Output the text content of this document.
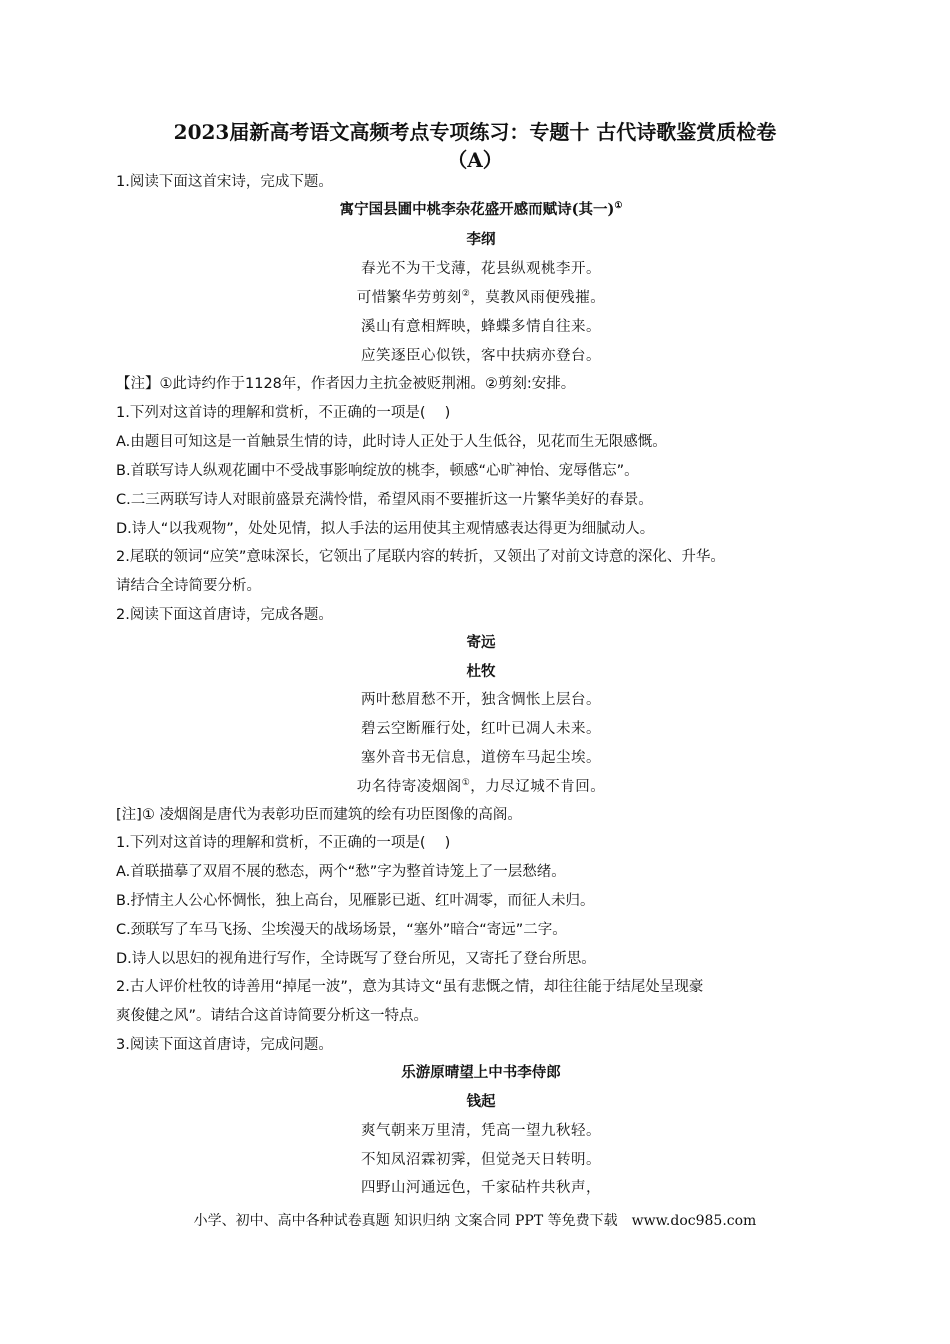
2023届新高考语文高频考点专项练习：专题十 古代诗歌鉴赏质检卷
（A）
1.阅读下面这首宋诗，完成下题。
寓宁国县圃中桃李杂花盛开感而赋诗(其一)①
李纲
春光不为干戈薄，花县纵观桃李开。
可惜繁华劳剪刻②，莫教风雨便残摧。
溪山有意相辉映，蜂蝶多情自往来。
应笑逐臣心似铁，客中扶病亦登台。
【注】①此诗约作于1128年，作者因力主抗金被贬荆湘。②剪刻:安排。
1.下列对这首诗的理解和赏析，不正确的一项是(　 )
A.由题目可知这是一首触景生情的诗，此时诗人正处于人生低谷，见花而生无限感慨。
B.首联写诗人纵观花圃中不受战事影响绽放的桃李，顿感“心旷神怡、宠辱偕忘”。
C.二三两联写诗人对眼前盛景充满怜惜，希望风雨不要摧折这一片繁华美好的春景。
D.诗人“以我观物”，处处见情，拟人手法的运用使其主观情感表达得更为细腻动人。
2.尾联的领词“应笑”意味深长，它领出了尾联内容的转折，又领出了对前文诗意的深化、升华。
请结合全诗简要分析。
2.阅读下面这首唐诗，完成各题。
寄远
杜牧
两叶愁眉愁不开，独含惆怅上层台。
碧云空断雁行处，红叶已凋人未来。
塞外音书无信息，道傍车马起尘埃。
功名待寄凌烟阁①，力尽辽城不肯回。
[注]① 凌烟阁是唐代为表彰功臣而建筑的绘有功臣图像的高阁。
1.下列对这首诗的理解和赏析，不正确的一项是(　 )
A.首联描摹了双眉不展的愁态，两个“愁”字为整首诗笼上了一层愁绪。
B.抒情主人公心怀惆怅，独上高台，见雁影已逝、红叶凋零，而征人未归。
C.颈联写了车马飞扬、尘埃漫天的战场场景，“塞外”暗合“寄远”二字。
D.诗人以思妇的视角进行写作，全诗既写了登台所见，又寄托了登台所思。
2.古人评价杜牧的诗善用“掉尾一波”，意为其诗文“虽有悲慨之情，却往往能于结尾处呈现豪
爽俊健之风”。请结合这首诗简要分析这一特点。
3.阅读下面这首唐诗，完成问题。
乐游原晴望上中书李侍郎
钱起
爽气朝来万里清，凭高一望九秋轻。
不知凤沼霖初霁，但觉尧天日转明。
四野山河通远色，千家砧杵共秋声，
小学、初中、高中各种试卷真题 知识归纳 文案合同 PPT 等免费下载　www.doc985.com
